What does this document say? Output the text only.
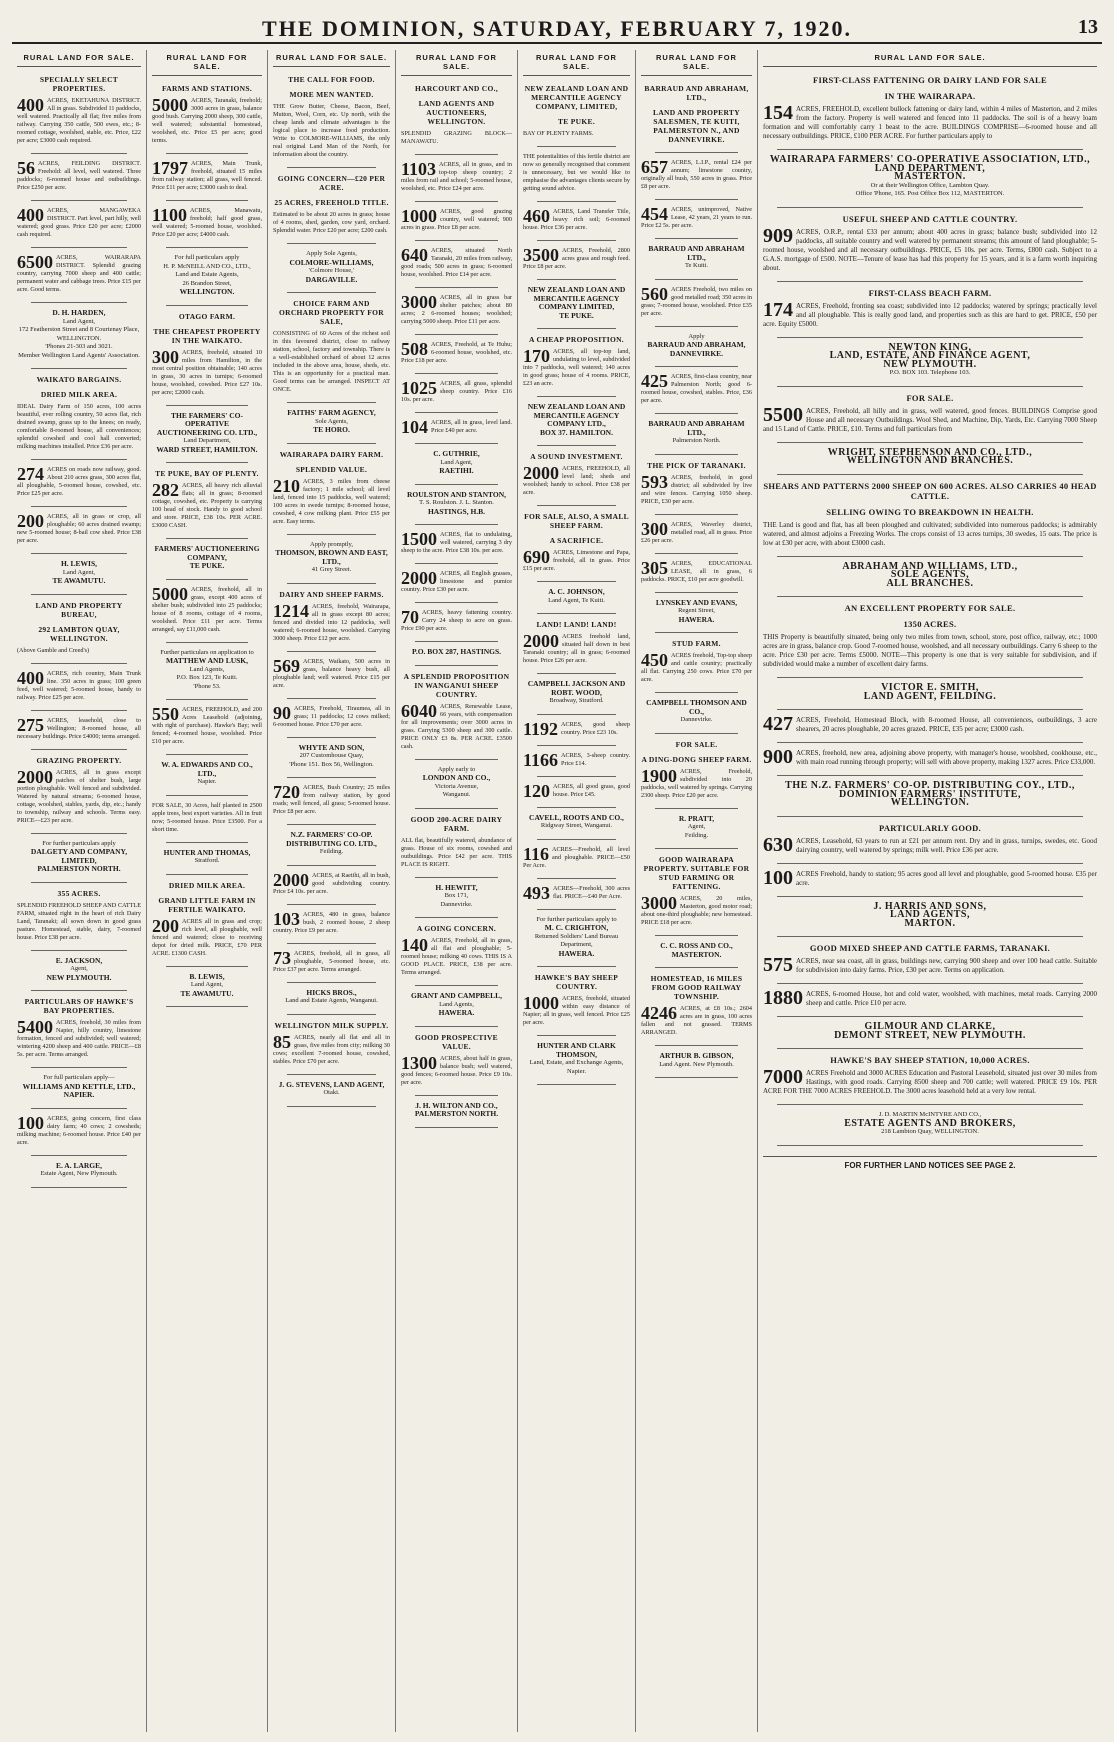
THE DOMINION, SATURDAY, FEBRUARY 7, 1920.	13
RURAL LAND FOR SALE.
SPECIALLY SELECT PROPERTIES.
400 ACRES, EKETAHUNA DISTRICT. All in grass. Subdivided 11 paddocks, well watered. Practically all flat; five miles from railway. Carrying 350 cattle, 500 ewes, etc.; 8-roomed cottage, woolshed, stable, etc. Price, £22 per acre; £3000 cash required.
56 ACRES, FEILDING DISTRICT. Freehold: all level, well watered. Three paddocks; 6-roomed house and outbuildings. Price £250 per acre.
400 ACRES, MANGAWEKA DISTRICT. Part level, part hilly, well watered; good grass. Price £20 per acre; £2000 cash required.
6500 ACRES, WAIRARAPA DISTRICT. Splendid grazing country, carrying 7000 sheep and 400 cattle; permanent water and cabbage trees. Price £15 per acre. Good terms.
D. H. HARDEN,
Land Agent,
172 Featherston Street and 8 Courtenay Place, WELLINGTON.
'Phones 21-303 and 3021.
Member Wellington Land Agents' Association.
WAIKATO BARGAINS.
DRIED MILK AREA.
IDEAL Dairy Farm of 150 acres, 100 acres beautiful, ever rolling country, 50 acres flat, rich drained swamp, grass up to the knees; on ready, comfortable 8-roomed house, all conveniences; splendid cowshed and cool hall converted; milking machines installed. Price £36 per acre.
274 ACRES on roads now railway, good. About 210 acres grass, 300 acres flat, all ploughable, 5-roomed house, cowshed, etc. Price £25 per acre.
200 ACRES, all in grass or crop, all ploughable; 60 acres drained swamp; new 5-roomed house; 8-bail cow shed. Price £38 per acre.
H. LEWIS,
Land Agent,
TE AWAMUTU.
LAND AND PROPERTY BUREAU,
292 LAMBTON QUAY, WELLINGTON.
(Above Gamble and Creed's)
400 ACRES, rich country, Main Trunk line. 350 acres in grass; 100 green feed, well watered; 5-roomed house, handy to railway. Price £25 per acre.
275 ACRES, leasehold, close to Wellington; 8-roomed house, all necessary buildings. Price £4000; terms arranged.
GRAZING PROPERTY.
2000 ACRES, all in grass except patches of shelter bush, large portion ploughable. Well fenced and subdivided. Watered by natural streams; 6-roomed house, cottage, woolshed, stables, yards, dip, etc.; handy to township, railway and schools. Terms easy. PRICE—£23 per acre.
For further particulars apply
DALGETY AND COMPANY, LIMITED,
PALMERSTON NORTH.
355 ACRES.
SPLENDID FREEHOLD SHEEP AND CATTLE FARM, situated right in the heart of rich Dairy Land, Taranaki; all sown down in good grass pasture. Homestead, stable, dairy, 7-roomed house. Price £38 per acre.
E. JACKSON,
Agent,
NEW PLYMOUTH.
PARTICULARS OF HAWKE'S BAY PROPERTIES.
5400 ACRES, freehold, 30 miles from Napier, hilly country, limestone formation, fenced and subdivided; well watered; wintering 4200 sheep and 400 cattle. PRICE—£8 5s. per acre. Terms arranged.
For full particulars apply—
WILLIAMS AND KETTLE, LTD.,
NAPIER.
100 ACRES, going concern, first class dairy farm; 40 cows; 2 cowsheds; milking machine; 6-roomed house. Price £40 per acre.
E. A. LARGE,
Estate Agent, New Plymouth.
RURAL LAND FOR SALE.
FARMS AND STATIONS.
5000 ACRES, Taranaki, freehold; 3000 acres in grass, balance good bush. Carrying 2000 sheep, 300 cattle, well watered; substantial homestead, woolshed, etc. Price £5 per acre; good terms.
1797 ACRES, Main Trunk, freehold, situated 15 miles from railway station; all grass, well fenced. Price £11 per acre; £3000 cash to deal.
1100 ACRES, Manawatu, freehold; half good grass, well watered; 5-roomed house, woolshed. Price £20 per acre; £4000 cash.
For full particulars apply
H. P. McNEILL AND CO., LTD.,
Land and Estate Agents,
26 Brandon Street,
WELLINGTON.
OTAGO FARM.
THE CHEAPEST PROPERTY IN THE WAIKATO.
300 ACRES, freehold, situated 10 miles from Hamilton, in the most central position obtainable; 140 acres in grass, 30 acres in turnips; 6-roomed house, woolshed, cowshed. Price £27 10s. per acre; £2000 cash.
THE FARMERS' CO-OPERATIVE AUCTIONEERING CO. LTD.,
Land Department,
WARD STREET, HAMILTON.
TE PUKE, BAY OF PLENTY.
282 ACRES, all heavy rich alluvial flats; all in grass; 8-roomed cottage, cowshed, etc. Property is carrying 100 head of stock. Handy to good school and store. PRICE, £38 10s. PER ACRE. £3000 CASH.
FARMERS' AUCTIONEERING COMPANY,
TE PUKE.
5000 ACRES, freehold, all in grass, except 400 acres of shelter bush; subdivided into 25 paddocks; house of 8 rooms, cottage of 4 rooms, woolshed. Price £11 per acre. Terms arranged, say £11,000 cash.
Further particulars on application to
MATTHEW AND LUSK,
Land Agents,
P.O. Box 123, Te Kuiti.
'Phone 53.
550 ACRES, FREEHOLD, and 200 Acres Leasehold (adjoining, with right of purchase). Hawke's Bay; well fenced; 4-roomed house, woolshed. Price £10 per acre.
W. A. EDWARDS AND CO., LTD.,
Napier.
FOR SALE, 30 Acres, half planted in 2500 apple trees, best export varieties. All in fruit now; 5-roomed house. Price £3500. For a short time.
HUNTER AND THOMAS,
Stratford.
DRIED MILK AREA.
GRAND LITTLE FARM IN FERTILE WAIKATO.
200 ACRES all in grass and crop; rich level, all ploughable, well fenced and watered; close to receiving depot for dried milk. PRICE, £70 PER ACRE. £1300 CASH.
B. LEWIS,
Land Agent,
TE AWAMUTU.
RURAL LAND FOR SALE.
THE CALL FOR FOOD.
MORE MEN WANTED.
THE Grow Butter, Cheese, Bacon, Beef, Mutton, Wool, Corn, etc. Up north, with the cheap lands and climate advantages is the logical place to increase food production. Write to COLMORE-WILLIAMS, the only real original Land Man of the North, for information about the country.
GOING CONCERN—£20 PER ACRE.
25 ACRES, FREEHOLD TITLE.
Estimated to be about 20 acres in grass; house of 4 rooms, shed, garden, cow yard, orchard. Splendid water. Price £20 per acre; £200 cash.
Apply Sole Agents,
COLMORE-WILLIAMS,
'Colmore House,'
DARGAVILLE.
CHOICE FARM AND ORCHARD PROPERTY FOR SALE,
CONSISTING of 60 Acres of the richest soil in this favoured district, close to railway station, school, factory and township. There is a well-established orchard of about 12 acres included in the above area, house, sheds, etc. This is an opportunity for a practical man. Good terms can be arranged. INSPECT AT ONCE.
FAITHS' FARM AGENCY,
Sole Agents,
TE HORO.
WAIRARAPA DAIRY FARM.
SPLENDID VALUE.
210 ACRES, 3 miles from cheese factory; 1 mile school; all level land, fenced into 15 paddocks, well watered; 100 acres in swede turnips; 8-roomed house, cowshed, 4 cow milking plant. Price £55 per acre. Easy terms.
Apply promptly,
THOMSON, BROWN AND EAST, LTD.,
41 Grey Street.
DAIRY AND SHEEP FARMS.
1214 ACRES, freehold, Wairarapa, all in grass except 80 acres; fenced and divided into 12 paddocks, well watered; 6-roomed house, woolshed. Carrying 3000 sheep. Price £12 per acre.
569 ACRES, Waikato, 500 acres in grass, balance heavy bush, all ploughable land; well watered. Price £15 per acre.
90 ACRES, Freehold, Tiraumea, all in grass; 11 paddocks; 12 cows milked; 6-roomed house. Price £70 per acre.
WHYTE AND SON,
207 Customhouse Quay,
'Phone 151. Box 56, Wellington.
720 ACRES, Bush Country; 25 miles from railway station, by good roads; well fenced, all grass; 5-roomed house. Price £8 per acre.
N.Z. FARMERS' CO-OP. DISTRIBUTING CO. LTD.,
Feilding.
2000 ACRES, at Raetihi, all in bush, good subdividing country. Price £4 10s. per acre.
103 ACRES, 480 in grass, balance bush, 2 roomed house, 2 sheep country. Price £9 per acre.
73 ACRES, freehold, all in grass, all ploughable, 5-roomed house, etc. Price £37 per acre. Terms arranged.
HICKS BROS.,
Land and Estate Agents, Wanganui.
WELLINGTON MILK SUPPLY.
85 ACRES, nearly all flat and all in grass, five miles from city; milking 30 cows; excellent 7-roomed house, cowshed, stables. Price £70 per acre.
J. G. STEVENS, LAND AGENT,
Otaki.
RURAL LAND FOR SALE.
HARCOURT AND CO.,
LAND AGENTS AND AUCTIONEERS, WELLINGTON.
SPLENDID GRAZING BLOCK—MANAWATU.
1103 ACRES, all in grass, and in top-top sheep country; 2 miles from rail and school; 5-roomed house, woolshed, etc. Price £24 per acre.
1000 ACRES, good grazing country, well watered; 900 acres in grass. Price £8 per acre.
640 ACRES, situated North Taranaki, 20 miles from railway, good roads; 500 acres in grass; 6-roomed house, woolshed. Price £14 per acre.
3000 ACRES, all in grass bar shelter patches; about 80 acres; 2 6-roomed houses; woolshed; carrying 5000 sheep. Price £11 per acre.
508 ACRES, Freehold, at Te Huhu; 6-roomed house, woolshed, etc. Price £18 per acre.
1025 ACRES, all grass, splendid sheep country. Price £16 10s. per acre.
104 ACRES, all in grass, level land. Price £40 per acre.
C. GUTHRIE,
Land Agent,
RAETIHI.
ROULSTON AND STANTON,
T. S. Roulston. J. L. Stanton.
HASTINGS, H.B.
1500 ACRES, flat to undulating, well watered, carrying 3 dry sheep to the acre. Price £38 10s. per acre.
2000 ACRES, all English grasses, limestone and pumice country. Price £30 per acre.
70 ACRES, heavy fattening country. Carry 24 sheep to acre on grass. Price £90 per acre.
P.O. BOX 287, HASTINGS.
A SPLENDID PROPOSITION IN WANGANUI SHEEP COUNTRY.
6040 ACRES, Renewable Lease, 66 years, with compensation for all improvements; over 3000 acres in grass. Carrying 5300 sheep and 300 cattle. PRICE ONLY £3 8s. PER ACRE. £3500 cash.
Apply early to
LONDON AND CO.,
Victoria Avenue,
Wanganui.
GOOD 200-ACRE DAIRY FARM.
ALL flat, beautifully watered, abundance of grass. House of six rooms, cowshed and outbuildings. Price £42 per acre. THIS PLACE IS RIGHT.
H. HEWITT,
Box 171,
Dannevirke.
A GOING CONCERN.
140 ACRES, Freehold, all in grass, all flat and ploughable; 5-roomed house; milking 40 cows. THIS IS A GOOD PLACE. PRICE, £38 per acre. Terms arranged.
GRANT AND CAMPBELL,
Land Agents,
HAWERA.
GOOD PROSPECTIVE VALUE.
1300 ACRES, about half in grass, balance bush; well watered, good fences; 6-roomed house. Price £9 10s. per acre.
J. H. WILTON AND CO.,
PALMERSTON NORTH.
RURAL LAND FOR SALE.
NEW ZEALAND LOAN AND MERCANTILE AGENCY COMPANY, LIMITED,
TE PUKE.
BAY OF PLENTY FARMS.
THE potentialities of this fertile district are now so generally recognised that comment is unnecessary, but we would like to emphasise the advantages clients secure by getting sound advice.
460 ACRES, Land Transfer Title, heavy rich soil; 6-roomed house. Price £36 per acre.
3500 ACRES, Freehold, 2800 acres grass and rough feed. Price £8 per acre.
NEW ZEALAND LOAN AND MERCANTILE AGENCY COMPANY LIMITED,
TE PUKE.
A CHEAP PROPOSITION.
170 ACRES, all top-top land, undulating to level, subdivided into 7 paddocks, well watered; 140 acres in good grass; house of 4 rooms. PRICE, £23 an acre.
NEW ZEALAND LOAN AND MERCANTILE AGENCY COMPANY LTD.,
BOX 37. HAMILTON.
A SOUND INVESTMENT.
2000 ACRES, FREEHOLD, all level land; sheds and woolshed; handy to school. Price £38 per acre.
FOR SALE, ALSO, A SMALL SHEEP FARM.
A SACRIFICE.
690 ACRES, Limestone and Papa, freehold, all in grass. Price £15 per acre.
A. C. JOHNSON,
Land Agent, Te Kuiti.
LAND! LAND! LAND!
2000 ACRES freehold land, situated half down in best Taranaki country; all in grass; 6-roomed house. Price £26 per acre.
CAMPBELL JACKSON AND ROBT. WOOD,
Broadway, Stratford.
1192 ACRES, good sheep country. Price £23 10s.
1166 ACRES, 3-sheep country. Price £14.
120 ACRES, all good grass, good house. Price £45.
CAVELL, ROOTS AND CO.,
Ridgway Street, Wanganui.
116 ACRES—Freehold, all level and ploughable. PRICE—£50 Per Acre.
493 ACRES—Freehold, 300 acres flat. PRICE—£40 Per Acre.
For further particulars apply to
M. C. CRIGHTON,
Returned Soldiers' Land Bureau Department,
HAWERA.
HAWKE'S BAY SHEEP COUNTRY.
1000 ACRES, freehold, situated within easy distance of Napier; all in grass, well fenced. Price £25 per acre.
HUNTER AND CLARK THOMSON,
Land, Estate, and Exchange Agents,
Napier.
RURAL LAND FOR SALE.
BARRAUD AND ABRAHAM, LTD.,
LAND AND PROPERTY SALESMEN, TE KUITI, PALMERSTON N., AND DANNEVIRKE.
657 ACRES, L.I.P., rental £24 per annum; limestone country, originally all bush, 550 acres in grass. Price £8 per acre.
454 ACRES, unimproved, Native Lease, 42 years, 21 years to run. Price £2 5s. per acre.
BARRAUD AND ABRAHAM LTD.,
Te Kuiti.
560 ACRES Freehold, two miles on good metalled road; 350 acres in grass; 7-roomed house, woolshed. Price £35 per acre.
Apply
BARRAUD AND ABRAHAM,
DANNEVIRKE.
425 ACRES, first-class country, near Palmerston North; good 6-roomed house, cowshed, stables. Price, £36 per acre.
BARRAUD AND ABRAHAM LTD.,
Palmerston North.
THE PICK OF TARANAKI.
593 ACRES, freehold, in good district; all subdivided by live and wire fences. Carrying 1050 sheep. PRICE, £30 per acre.
300 ACRES, Waverley district, metalled road, all in grass. Price £26 per acre.
305 ACRES, EDUCATIONAL LEASE, all in grass, 6 paddocks. PRICE, £10 per acre goodwill.
LYNSKEY AND EVANS,
Regent Street,
HAWERA.
STUD FARM.
450 ACRES freehold, Top-top sheep and cattle country; practically all flat. Carrying 250 cows. Price £70 per acre.
CAMPBELL THOMSON AND CO.,
Dannevirke.
FOR SALE.
A DING-DONG SHEEP FARM.
1900 ACRES, Freehold, subdivided into 20 paddocks, well watered by springs. Carrying 2300 sheep. Price £20 per acre.
R. PRATT,
Agent,
Feilding.
GOOD WAIRARAPA PROPERTY. SUITABLE FOR STUD FARMING OR FATTENING.
3000 ACRES, 20 miles, Masterton, good motor road; about one-third ploughable; new homestead. PRICE £18 per acre.
C. C. ROSS AND CO.,
MASTERTON.
HOMESTEAD, 16 MILES FROM GOOD RAILWAY TOWNSHIP.
4246 ACRES, at £8 10s.; 2604 acres are in grass, 100 acres fallen and not grassed. TERMS ARRANGED.
ARTHUR B. GIBSON,
Land Agent. New Plymouth.
RURAL LAND FOR SALE.
FIRST-CLASS FATTENING OR DAIRY LAND FOR SALE
IN THE WAIRARAPA.
154 ACRES, FREEHOLD, excellent bullock fattening or dairy land, within 4 miles of Masterton, and 2 miles from the factory. Property is well watered and fenced into 11 paddocks. The soil is of a heavy loam formation and will comfortably carry 1 beast to the acre. BUILDINGS COMPRISE—6-roomed house and all necessary outbuildings. PRICE, £100 PER ACRE. For further particulars apply to
WAIRARAPA FARMERS' CO-OPERATIVE ASSOCIATION, LTD.,
LAND DEPARTMENT,
MASTERTON.
Or at their Wellington Office, Lambton Quay.
Office 'Phone, 165. Post Office Box 112, MASTERTON.
USEFUL SHEEP AND CATTLE COUNTRY.
909 ACRES, O.R.P., rental £33 per annum; about 400 acres in grass; balance bush; subdivided into 12 paddocks, all suitable country and well watered by permanent streams; this amount of land ploughable; 5-roomed house, woolshed and all necessary outbuildings. PRICE, £5 10s. per acre. Terms, £800 cash. Subject to a G.A.S. mortgage of £500. NOTE—Tenure of lease has had this property for 15 years, and it is a farm worth inquiring about.
FIRST-CLASS BEACH FARM.
174 ACRES, Freehold, fronting sea coast; subdivided into 12 paddocks; watered by springs; practically level and all ploughable. This is really good land, and properties such as this are hard to get. PRICE, £50 per acre. Equity £5000.
NEWTON KING,
LAND, ESTATE, AND FINANCE AGENT,
NEW PLYMOUTH.
P.O. BOX 103. Telephone 103.
FOR SALE.
5500 ACRES, Freehold, all hilly and in grass, well watered, good fences. BUILDINGS Comprise good House and all necessary Outbuildings. Wool Shed, and Machine, Dip, Yards, Etc. Carrying 7000 Sheep and 15 Land of Cattle. PRICE, £10. Terms and full particulars from
WRIGHT, STEPHENSON AND CO., LTD.,
WELLINGTON AND BRANCHES.
SHEARS AND PATTERNS 2000 SHEEP ON 600 ACRES. ALSO CARRIES 40 HEAD CATTLE.
SELLING OWING TO BREAKDOWN IN HEALTH.
THE Land is good and flat, has all been ploughed and cultivated; subdivided into numerous paddocks; is admirably watered, and almost adjoins a Freezing Works. The crops consist of 13 acres turnips, 30 swedes, 15 oats. The price is low at £30 per acre, with about £3000 cash.
ABRAHAM AND WILLIAMS, LTD.,
SOLE AGENTS,
ALL BRANCHES.
AN EXCELLENT PROPERTY FOR SALE.
1350 ACRES.
THIS Property is beautifully situated, being only two miles from town, school, store, post office, railway, etc.; 1000 acres are in grass, balance crop. Good 7-roomed house, woolshed, and all necessary outbuildings. Carry 6 sheep to the acre. Price £30 per acre. Terms £5000. NOTE—This property is one that is very suitable for subdivision, and if subdivided would make a number of excellent dairy farms.
VICTOR E. SMITH,
LAND AGENT, FEILDING.
427 ACRES, Freehold, Homestead Block, with 8-roomed House, all conveniences, outbuildings, 3 acre shearers, 20 acres ploughable, 20 acres grazed. PRICE, £35 per acre; £3000 cash.
900 ACRES, freehold, new area, adjoining above property, with manager's house, woolshed, cookhouse, etc., with main road running through property; will sell with above property, making 1327 acres. Price £33,000.
THE N.Z. FARMERS' CO-OP. DISTRIBUTING COY., LTD.,
DOMINION FARMERS' INSTITUTE,
WELLINGTON.
PARTICULARLY GOOD.
630 ACRES, Leasehold, 63 years to run at £21 per annum rent. Dry and in grass, turnips, swedes, etc. Good dairying country, well watered by springs; milk well. Price £36 per acre.
100 ACRES Freehold, handy to station; 95 acres good all level and ploughable, good 5-roomed house. £35 per acre.
J. HARRIS AND SONS,
LAND AGENTS,
MARTON.
GOOD MIXED SHEEP AND CATTLE FARMS, TARANAKI.
575 ACRES, near sea coast, all in grass, buildings new, carrying 900 sheep and over 100 head cattle. Suitable for subdivision into dairy farms. Price, £30 per acre. Terms on application.
1880 ACRES, 6-roomed House, hot and cold water, woolshed, with machines, metal roads. Carrying 2000 sheep and cattle. Price £10 per acre.
GILMOUR AND CLARKE,
DEMONT STREET, NEW PLYMOUTH.
HAWKE'S BAY SHEEP STATION, 10,000 ACRES.
7000 ACRES Freehold and 3000 ACRES Education and Pastoral Leasehold, situated just over 30 miles from Hastings, with good roads. Carrying 8500 sheep and 700 cattle; well watered. PRICE £9 10s. PER ACRE FOR THE 7000 ACRES FREEHOLD. The 3000 acres leasehold held at a very low rental.
J. D. MARTIN McINTYRE AND CO.,
ESTATE AGENTS AND BROKERS,
218 Lambton Quay, WELLINGTON.
FOR FURTHER LAND NOTICES SEE PAGE 2.
